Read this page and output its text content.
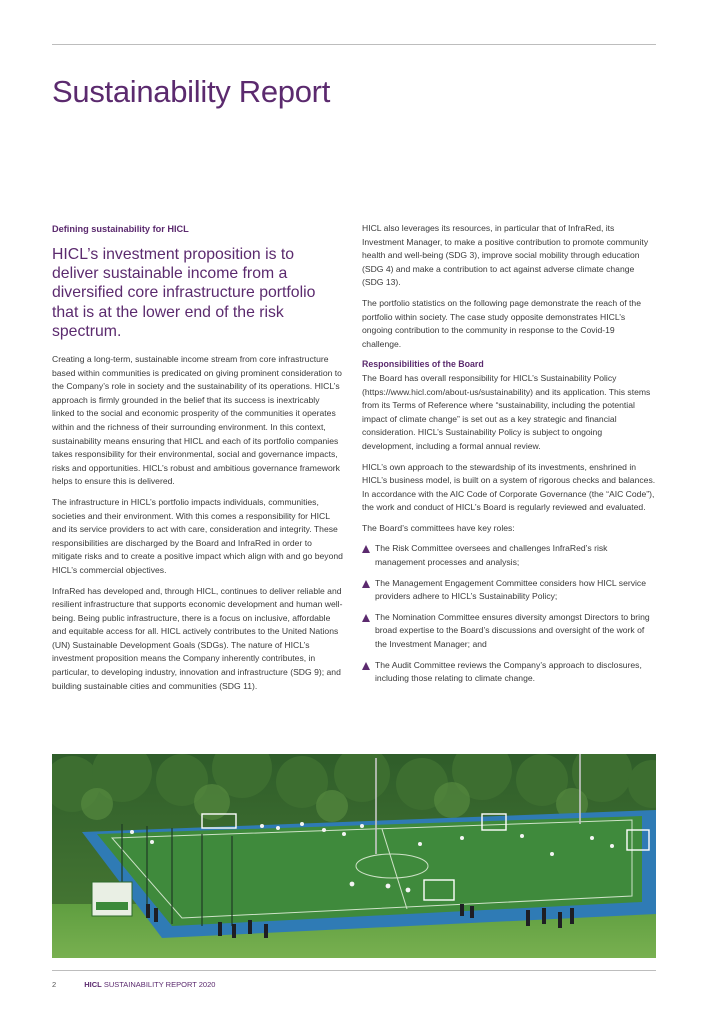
Sustainability Report
Defining sustainability for HICL
HICL’s investment proposition is to deliver sustainable income from a diversified core infrastructure portfolio that is at the lower end of the risk spectrum.

Creating a long-term, sustainable income stream from core infrastructure based within communities is predicated on giving prominent consideration to the Company’s role in society and the sustainability of its operations. HICL’s approach is firmly grounded in the belief that its success is inextricably linked to the social and economic prosperity of the communities it operates within and the richness of their surrounding environment. In this context, sustainability means ensuring that HICL and each of its portfolio companies takes responsibility for their environmental, social and governance impacts, risks and opportunities. HICL’s robust and ambitious governance framework helps to ensure this is delivered.

The infrastructure in HICL’s portfolio impacts individuals, communities, societies and their environment. With this comes a responsibility for HICL and its service providers to act with care, consideration and integrity. These responsibilities are discharged by the Board and InfraRed in order to mitigate risks and to create a positive impact which align with and go beyond HICL’s commercial objectives.

InfraRed has developed and, through HICL, continues to deliver reliable and resilient infrastructure that supports economic development and human well-being. Being public infrastructure, there is a focus on inclusive, affordable and equitable access for all. HICL actively contributes to the United Nations (UN) Sustainable Development Goals (SDGs). The nature of HICL’s investment proposition means the Company inherently contributes, in particular, to developing industry, innovation and infrastructure (SDG 9); and building sustainable cities and communities (SDG 11).

HICL also leverages its resources, in particular that of InfraRed, its Investment Manager, to make a positive contribution to promote community health and well-being (SDG 3), improve social mobility through education (SDG 4) and make a contribution to act against adverse climate change (SDG 13).

The portfolio statistics on the following page demonstrate the reach of the portfolio within society. The case study opposite demonstrates HICL’s ongoing contribution to the community in response to the Covid-19 challenge.

Responsibilities of the Board

The Board has overall responsibility for HICL’s Sustainability Policy (https://www.hicl.com/about-us/sustainability) and its application. This stems from its Terms of Reference where “sustainability, including the potential impact of climate change” is set out as a key strategic and financial consideration. HICL’s Sustainability Policy is subject to ongoing development, including a formal annual review.

HICL’s own approach to the stewardship of its investments, enshrined in HICL’s business model, is built on a system of rigorous checks and balances. In accordance with the AIC Code of Corporate Governance (the “AIC Code”), the work and conduct of HICL’s Board is regularly reviewed and evaluated.

The Board’s committees have key roles:

The Risk Committee oversees and challenges InfraRed’s risk management processes and analysis;
The Management Engagement Committee considers how HICL service providers adhere to HICL’s Sustainability Policy;
The Nomination Committee ensures diversity amongst Directors to bring broad expertise to the Board’s discussions and oversight of the work of the Investment Manager; and
The Audit Committee reviews the Company’s approach to disclosures, including those relating to climate change.
2	HICL SUSTAINABILITY REPORT 2020
